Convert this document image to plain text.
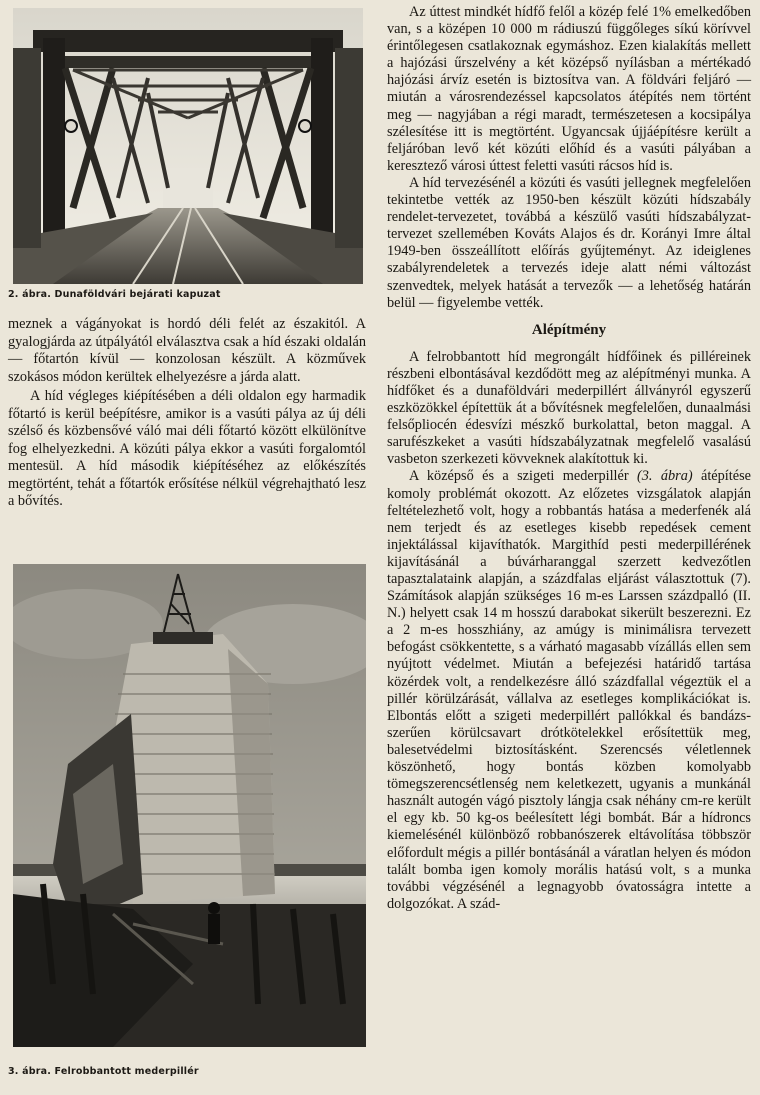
2. ábra. Dunaföldvári bejárati kapuzat

meznek a vágányokat is hordó déli felét az északitól. A gyalogjárda az útpályától elválasztva csak a híd északi oldalán — főtartón kívül — konzolosan készült. A közművek szokásos módon kerültek elhelyezésre a járda alatt.

A híd végleges kiépítésében a déli oldalon egy harmadik főtartó is kerül beépítésre, amikor is a vasúti pálya az új déli szélső és közbensővé váló mai déli főtartó között elkülönítve fog elhelyezkedni. A közúti pálya ekkor a vasúti forgalomtól mentesül. A híd második kiépítéséhez az előkészítés megtörtént, tehát a főtartók erősítése nélkül végrehajtható lesz a bővítés.

3. ábra. Felrobbantott mederpillér

Az úttest mindkét hídfő felől a közép felé 1% emelkedőben van, s a középen 10 000 m rádiuszú függőleges síkú körívvel érintőlegesen csatlakoznak egymáshoz. Ezen kialakítás mellett a hajózási űrszelvény a két középső nyílásban a mértékadó hajózási árvíz esetén is biztosítva van. A földvári feljáró — miután a városrendezéssel kapcsolatos átépítés nem történt meg — nagyjában a régi maradt, természetesen a kocsipálya szélesítése itt is megtörtént. Ugyancsak újjáépítésre került a feljáróban levő két közúti előhíd és a vasúti pályában a keresztező városi úttest feletti vasúti rácsos híd is.

A híd tervezésénél a közúti és vasúti jellegnek megfelelően tekintetbe vették az 1950-ben készült közúti hídszabály rendelet-tervezetet, továbbá a készülő vasúti hídszabályzat-tervezet szellemében Kováts Alajos és dr. Korányi Imre által 1949-ben összeállított előírás gyűjteményt. Az ideiglenes szabályrendeletek a tervezés ideje alatt némi változást szenvedtek, melyek hatását a tervezők — a lehetőség határán belül — figyelembe vették.

Alépítmény

A felrobbantott híd megrongált hídfőinek és pilléreinek részbeni elbontásával kezdődött meg az alépítményi munka. A hídfőket és a dunaföldvári mederpillért állványról egyszerű eszközökkel építettük át a bővítésnek megfelelően, dunaalmási felsőpliocén édesvízi mészkő burkolattal, beton maggal. A sarufészkeket a vasúti hídszabályzatnak megfelelő vasalású vasbeton szerkezeti kövveknek alakítottuk ki.

A középső és a szigeti mederpillér (3. ábra) átépítése komoly problémát okozott. Az előzetes vizsgálatok alapján feltételezhető volt, hogy a robbantás hatása a mederfenék alá nem terjedt és az esetleges kisebb repedések cement injektálással kijavíthatók. Margithíd pesti mederpillérének kijavításánál a búvárharanggal szerzett kedvezőtlen tapasztalataink alapján, a százdfalas eljárást választottuk (7). Számítások alapján szükséges 16 m-es Larssen százdpalló (II. N.) helyett csak 14 m hosszú darabokat sikerült beszerezni. Ez a 2 m-es hosszhiány, az amúgy is minimálisra tervezett befogást csökkentette, s a várható magasabb vízállás ellen sem nyújtott védelmet. Miután a befejezési határidő tartása közérdek volt, a rendelkezésre álló százdfallal végeztük el a pillér körülzárását, vállalva az esetleges komplikációkat is. Elbontás előtt a szigeti mederpillért pallókkal és bandázs-szerűen körülcsavart drótkötelekkel erősítettük meg, balesetvédelmi biztosításként. Szerencsés véletlennek köszönhető, hogy bontás közben komolyabb tömegszerencsétlenség nem keletkezett, ugyanis a munkánál használt autogén vágó pisztoly lángja csak néhány cm-re került el egy kb. 50 kg-os beélesített légi bombát. Bár a hídroncs kiemelésénél különböző robbanószerek eltávolítása többször előfordult mégis a pillér bontásánál a váratlan helyen és módon talált bomba igen komoly morális hatású volt, s a munka további végzésénél a legnagyobb óvatosságra intette a dolgozókat. A szád-
